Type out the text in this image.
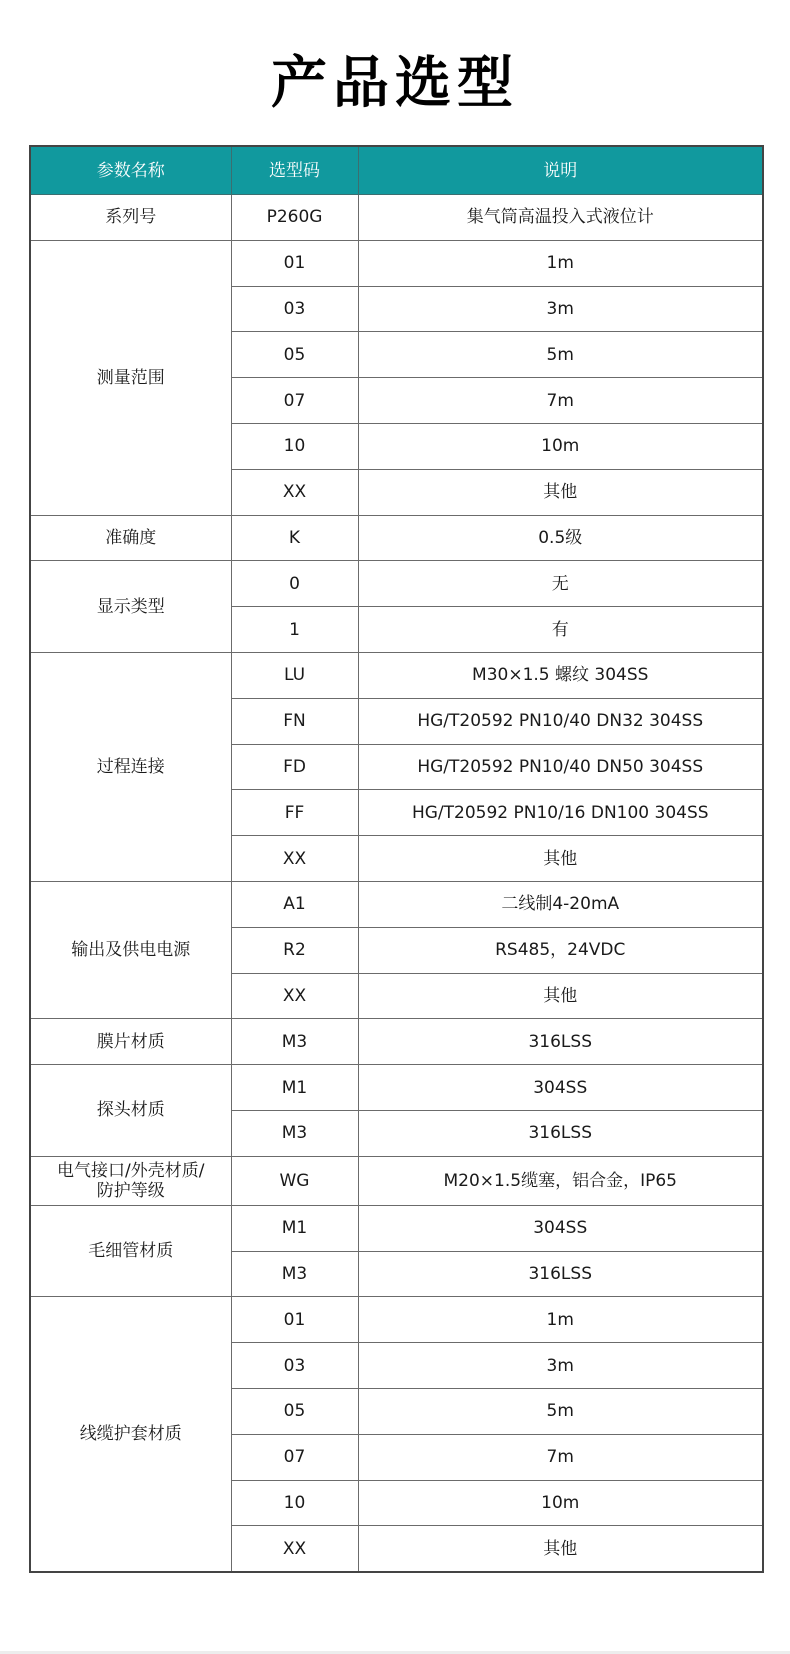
产品选型
参数名称	选型码	说明
系列号	P260G	集气筒高温投入式液位计
测量范围	01	1m
	03	3m
	05	5m
	07	7m
	10	10m
	XX	其他
准确度	K	0.5级
显示类型	0	无
	1	有
过程连接	LU	M30×1.5 螺纹 304SS
	FN	HG/T20592 PN10/40 DN32 304SS
	FD	HG/T20592 PN10/40 DN50 304SS
	FF	HG/T20592 PN10/16 DN100 304SS
	XX	其他
输出及供电电源	A1	二线制4-20mA
	R2	RS485，24VDC
	XX	其他
膜片材质	M3	316LSS
探头材质	M1	304SS
	M3	316LSS

电气接口/外壳材质/
防护等级	WG	M20×1.5缆塞，铝合金，IP65
毛细管材质	M1	304SS
	M3	316LSS
线缆护套材质	01	1m
	03	3m
	05	5m
	07	7m
	10	10m
	XX	其他
